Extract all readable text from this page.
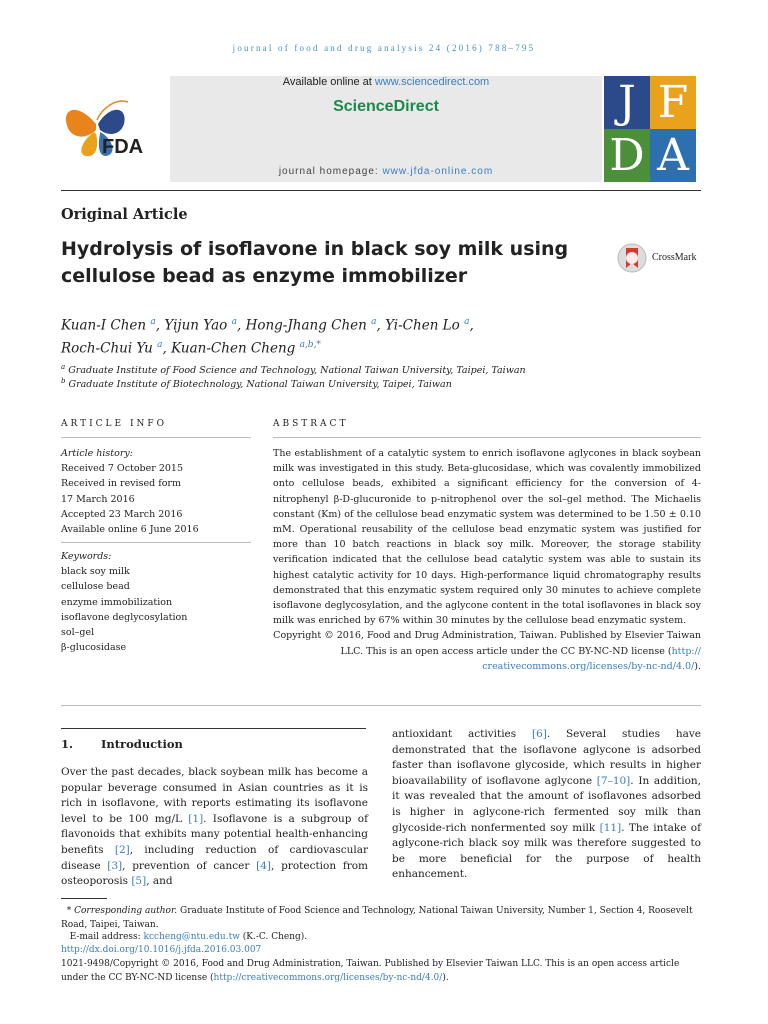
journal of food and drug analysis 24 (2016) 788–795
FDA
Available online at www.sciencedirect.com
ScienceDirect
journal homepage: www.jfda-online.com
J F
D A
Original Article
Hydrolysis of isoflavone in black soy milk using
cellulose bead as enzyme immobilizer
CrossMark
Kuan-I Chen $^a$, Yijun Yao $^a$, Hong-Jhang Chen $^a$, Yi-Chen Lo $^a$,
Roch-Chui Yu $^a$, Kuan-Chen Cheng $^{a,b,*}$
$^a$ Graduate Institute of Food Science and Technology, National Taiwan University, Taipei, Taiwan
$^b$ Graduate Institute of Biotechnology, National Taiwan University, Taipei, Taiwan
ARTICLE INFO	ABSTRACT
Article history:
Received 7 October 2015
Received in revised form
17 March 2016
Accepted 23 March 2016
Available online 6 June 2016
Keywords:
black soy milk
cellulose bead
enzyme immobilization
isoflavone deglycosylation
sol–gel
β-glucosidase

The establishment of a catalytic system to enrich isoflavone aglycones in black soybean milk was investigated in this study. Beta-glucosidase, which was covalently immobilized onto cellulose beads, exhibited a significant efficiency for the conversion of 4-nitrophenyl β-D-glucuronide to p-nitrophenol over the sol–gel method. The Michaelis constant (Km) of the cellulose bead enzymatic system was determined to be 1.50 ± 0.10 mM. Operational reusability of the cellulose bead enzymatic system was justified for more than 10 batch reactions in black soy milk. Moreover, the storage stability verification indicated that the cellulose bead catalytic system was able to sustain its highest catalytic activity for 10 days. High-performance liquid chromatography results demonstrated that this enzymatic system required only 30 minutes to achieve complete isoflavone deglycosylation, and the aglycone content in the total isoflavones in black soy milk was enriched by 67% within 30 minutes by the cellulose bead enzymatic system.

Copyright © 2016, Food and Drug Administration, Taiwan. Published by Elsevier Taiwan
LLC. This is an open access article under the CC BY-NC-ND license (http://
creativecommons.org/licenses/by-nc-nd/4.0/).

1. Introduction

Over the past decades, black soybean milk has become a popular beverage consumed in Asian countries as it is rich in isoflavone, with reports estimating its isoflavone level to be 100 mg/L [1]. Isoflavone is a subgroup of flavonoids that exhibits many potential health-enhancing benefits [2], including reduction of cardiovascular disease [3], prevention of cancer [4], protection from osteoporosis [5], and

antioxidant activities [6]. Several studies have demonstrated that the isoflavone aglycone is adsorbed faster than isoflavone glycoside, which results in higher bioavailability of isoflavone aglycone [7–10]. In addition, it was revealed that the amount of isoflavones adsorbed is higher in aglycone-rich fermented soy milk than glycoside-rich nonfermented soy milk [11]. The intake of aglycone-rich black soy milk was therefore suggested to be more beneficial for the purpose of health enhancement.

* Corresponding author. Graduate Institute of Food Science and Technology, National Taiwan University, Number 1, Section 4, Roosevelt Road, Taipei, Taiwan.
E-mail address: kccheng@ntu.edu.tw (K.-C. Cheng).
http://dx.doi.org/10.1016/j.jfda.2016.03.007
1021-9498/Copyright © 2016, Food and Drug Administration, Taiwan. Published by Elsevier Taiwan LLC. This is an open access article under the CC BY-NC-ND license (http://creativecommons.org/licenses/by-nc-nd/4.0/).
